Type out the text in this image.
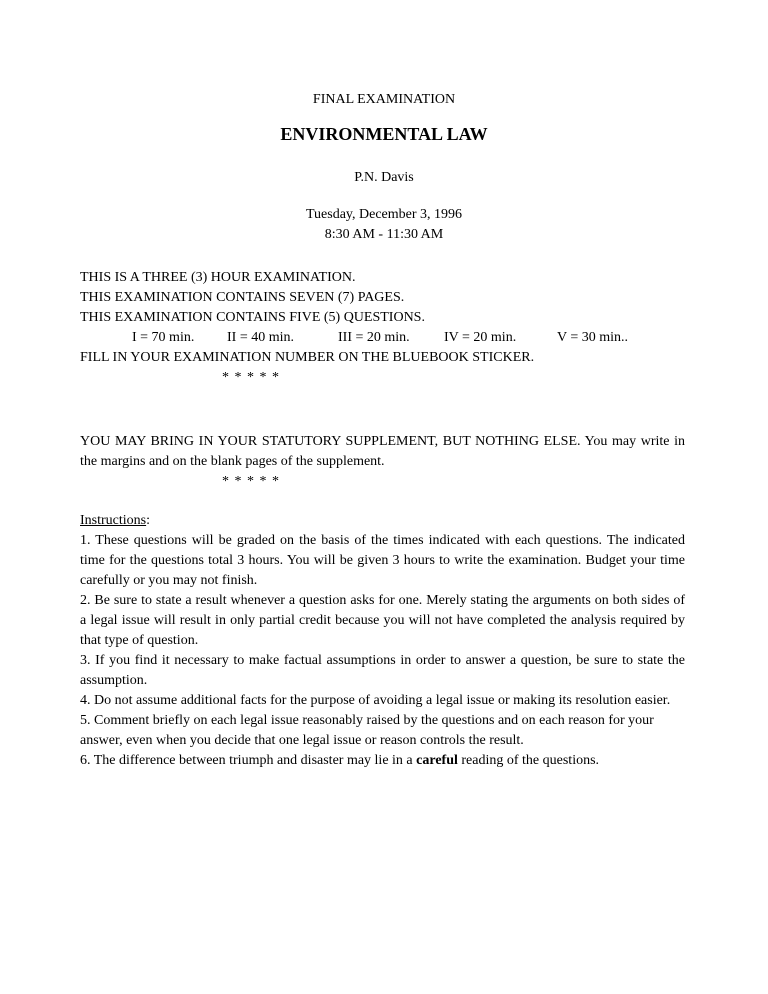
FINAL EXAMINATION
ENVIRONMENTAL LAW
P.N. Davis
Tuesday, December 3, 1996
8:30 AM - 11:30 AM
THIS IS A THREE (3) HOUR EXAMINATION.
THIS EXAMINATION CONTAINS SEVEN (7) PAGES.
THIS EXAMINATION CONTAINS FIVE (5) QUESTIONS.
I = 70 min. II = 40 min.	III = 20 min. IV = 20 min.	V = 30 min..
FILL IN YOUR EXAMINATION NUMBER ON THE BLUEBOOK STICKER.
* * * * *
YOU MAY BRING IN YOUR STATUTORY SUPPLEMENT, BUT NOTHING ELSE. You may write in the margins and on the blank pages of the supplement.
* * * * *
Instructions:
1. These questions will be graded on the basis of the times indicated with each questions. The indicated time for the questions total 3 hours. You will be given 3 hours to write the examination. Budget your time carefully or you may not finish.
2. Be sure to state a result whenever a question asks for one. Merely stating the arguments on both sides of a legal issue will result in only partial credit because you will not have completed the analysis required by that type of question.
3. If you find it necessary to make factual assumptions in order to answer a question, be sure to state the assumption.
4. Do not assume additional facts for the purpose of avoiding a legal issue or making its resolution easier.
5. Comment briefly on each legal issue reasonably raised by the questions and on each reason for your answer, even when you decide that one legal issue or reason controls the result.
6. The difference between triumph and disaster may lie in a careful reading of the questions.
